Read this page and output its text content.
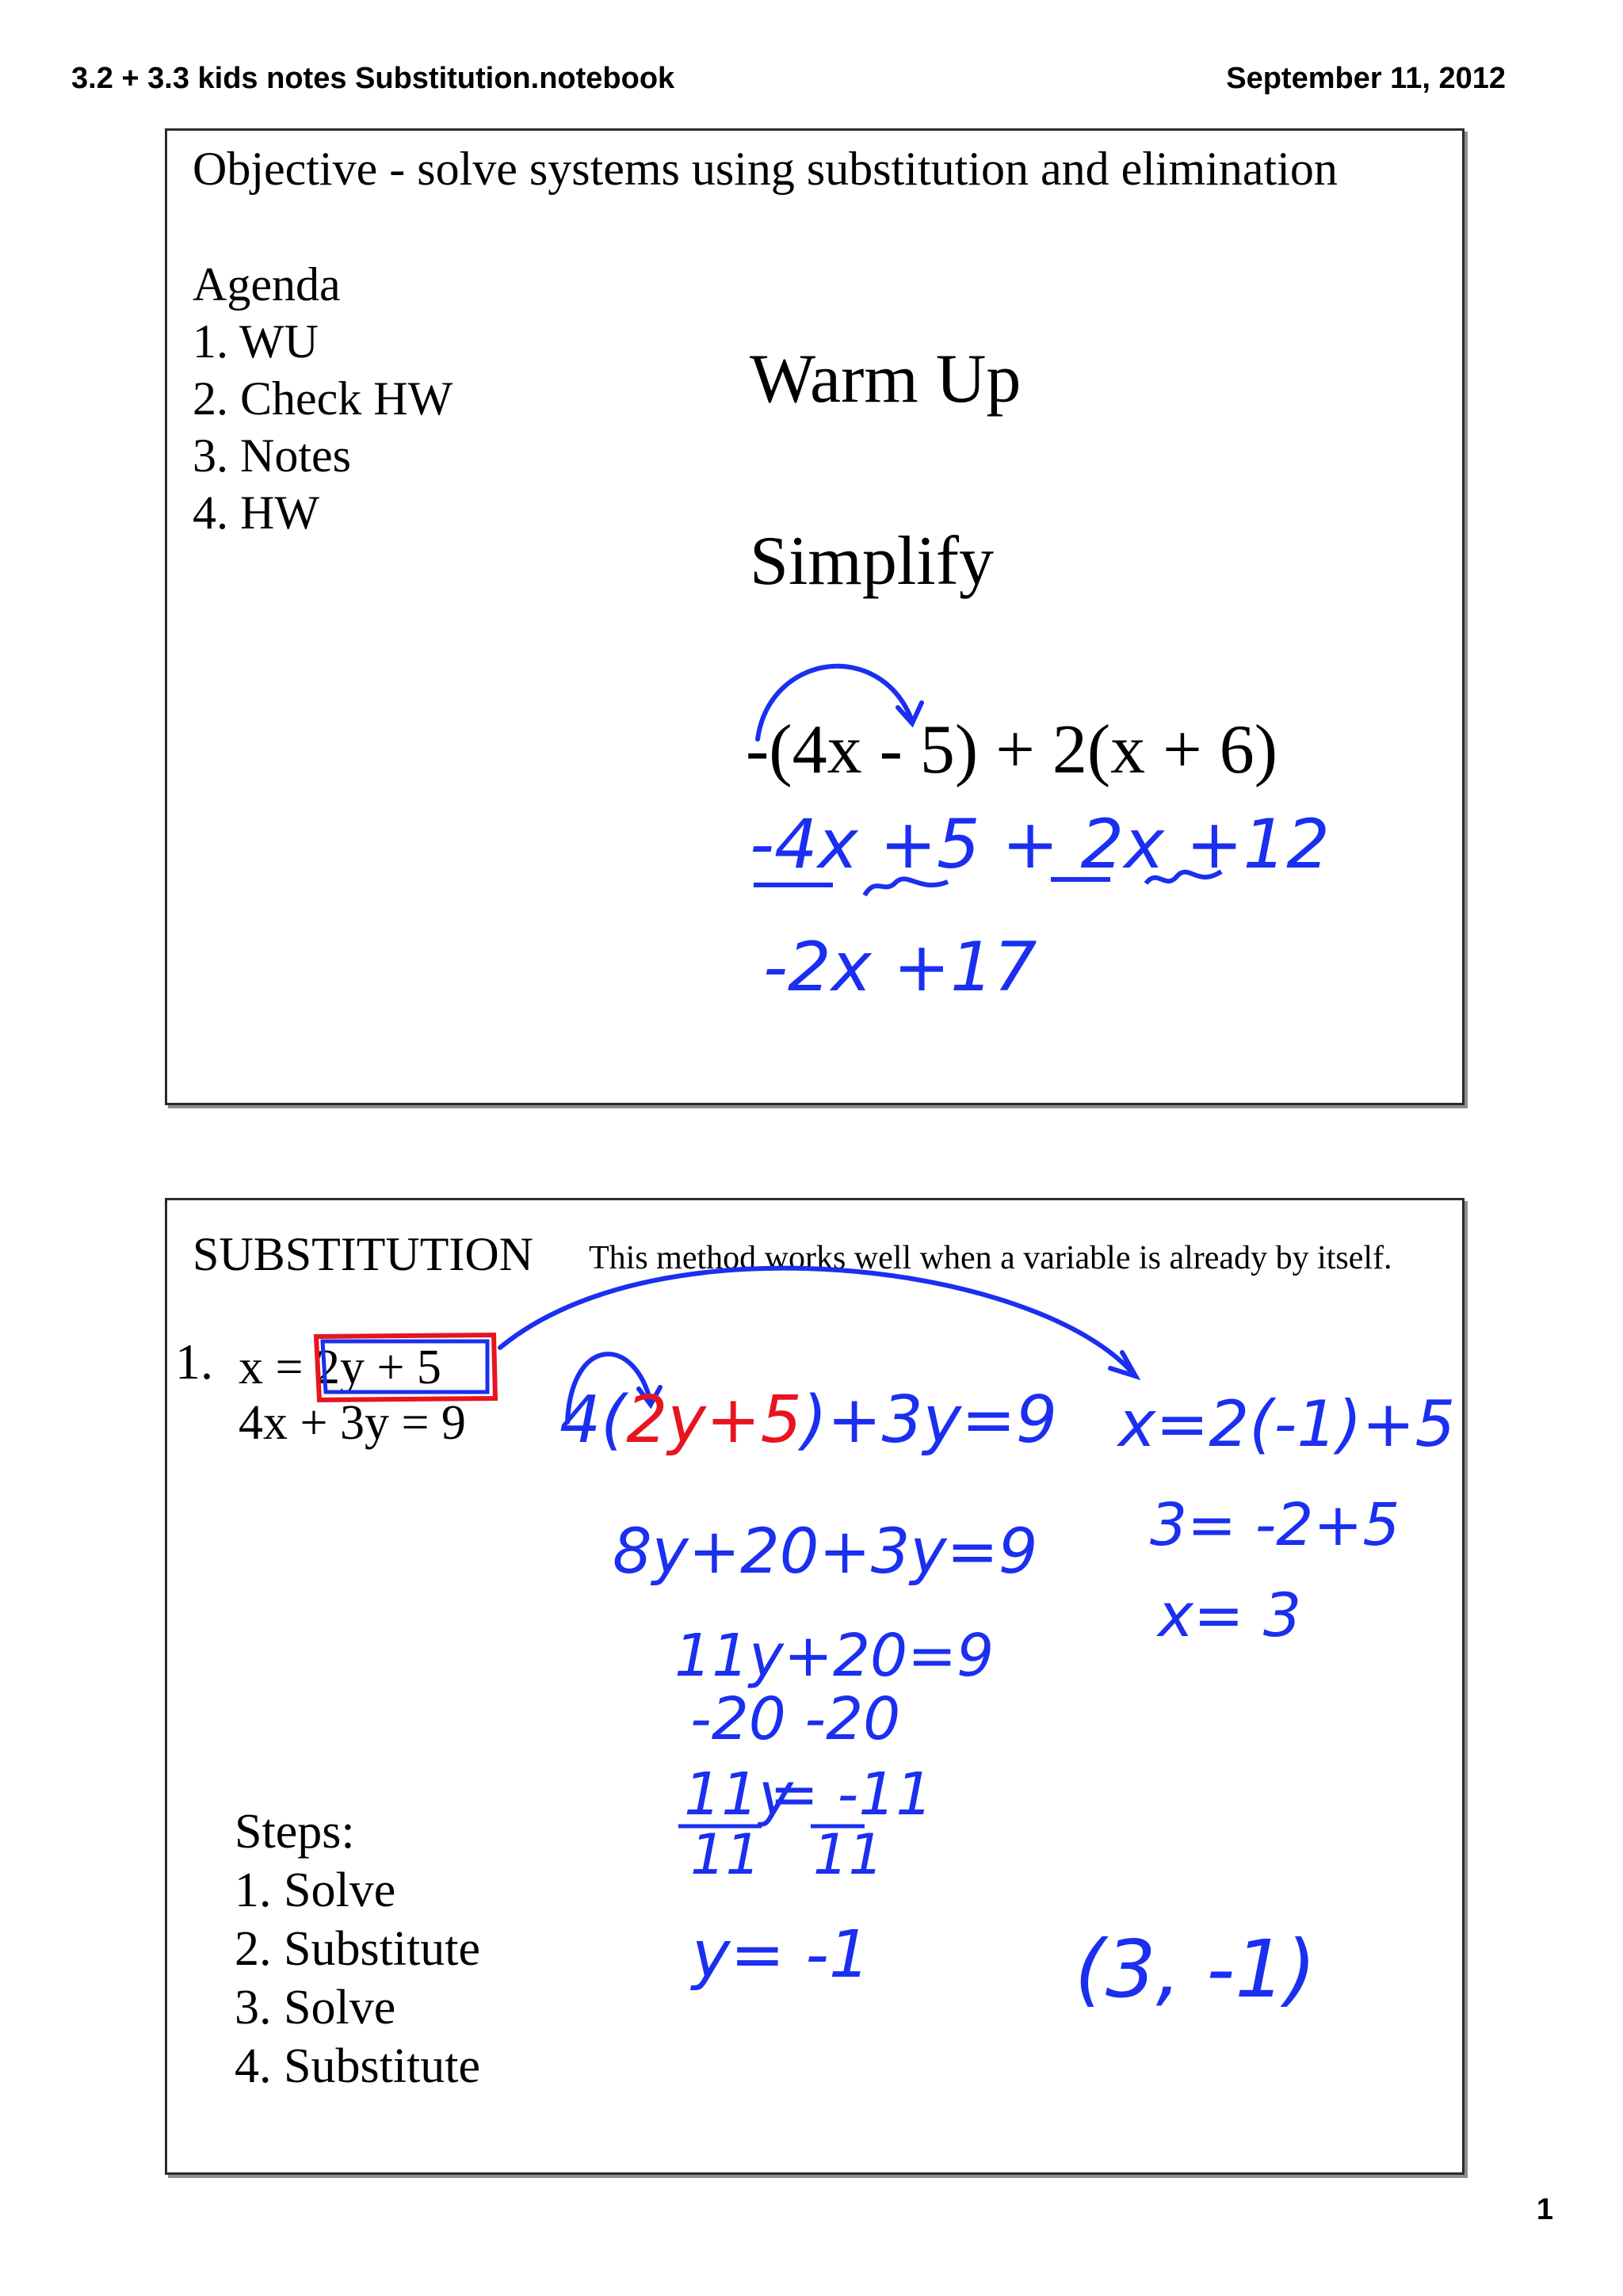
3.2 + 3.3 kids notes Substitution.notebook	September 11, 2012
Objective - solve systems using substitution and elimination
Agenda
1. WU
2. Check HW
3. Notes
4. HW
Warm Up
Simplify
-(4x - 5) + 2(x + 6)
-4x +5 + 2x +12
-2x +17
SUBSTITUTION This method works well when a variable is already by itself.
1. x = 2y + 5
4x + 3y = 9
Steps:
1. Solve
2. Substitute
3. Solve
4. Substitute
4(2y+5)+3y=9
8y+20+3y=9
11y+20=9
-20 -20
11y
= -11
11 11
y= -1
x=2(-1)+5
3= -2+5
x= 3
(3, -1)
1
